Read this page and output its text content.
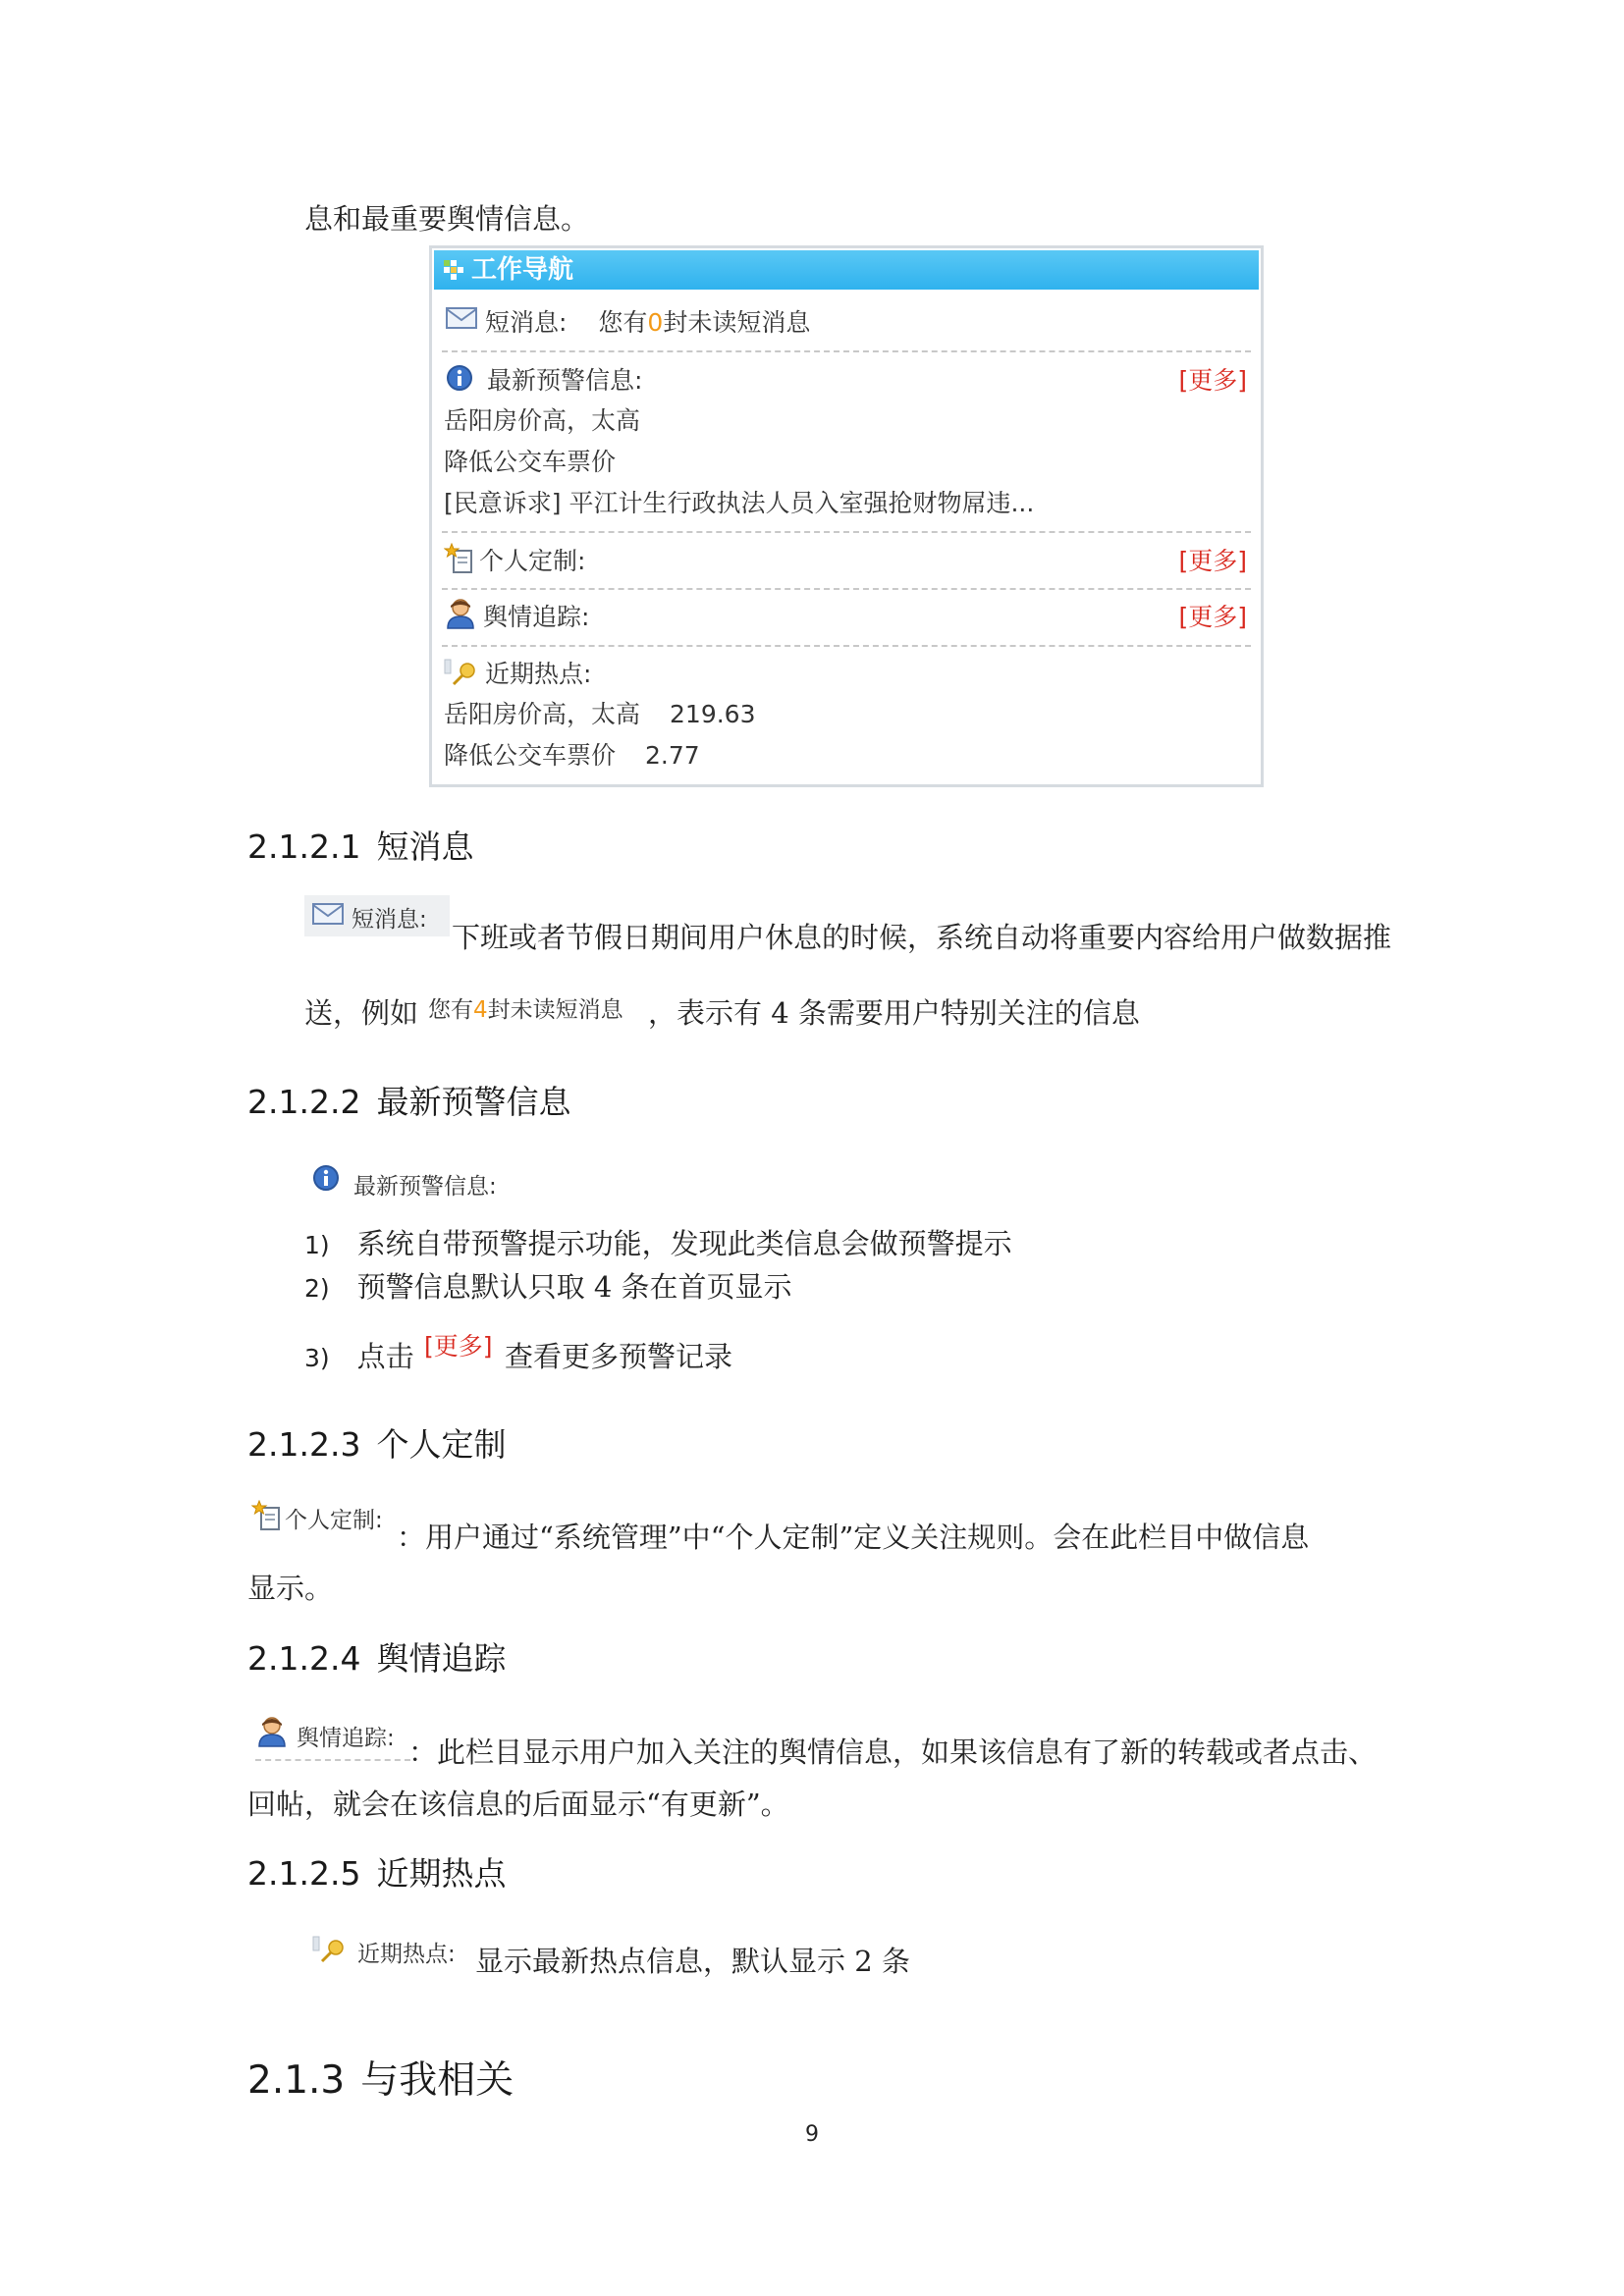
息和最重要舆情信息。
工作导航
短消息: 您有0封未读短消息
最新预警信息:	[更多]
岳阳房价高，太高
降低公交车票价
[民意诉求] 平江计生行政执法人员入室强抢财物屌违...
个人定制:	[更多]
舆情追踪:	[更多]
近期热点:
岳阳房价高，太高 219.63
降低公交车票价 2.77
2.1.2.1 短消息
短消息:
下班或者节假日期间用户休息的时候，系统自动将重要内容给用户做数据推
送，例如 您有4封未读短消息 ，表示有 4 条需要用户特别关注的信息
2.1.2.2 最新预警信息
最新预警信息:
1) 系统自带预警提示功能，发现此类信息会做预警提示
2) 预警信息默认只取 4 条在首页显示
3) 点击 [更多] 查看更多预警记录
2.1.2.3 个人定制
个人定制: ：用户通过“系统管理”中“个人定制”定义关注规则。会在此栏目中做信息
显示。
2.1.2.4 舆情追踪
舆情追踪: ：此栏目显示用户加入关注的舆情信息，如果该信息有了新的转载或者点击、
回帖，就会在该信息的后面显示“有更新”。
2.1.2.5 近期热点
近期热点: 显示最新热点信息，默认显示 2 条
2.1.3 与我相关
9
